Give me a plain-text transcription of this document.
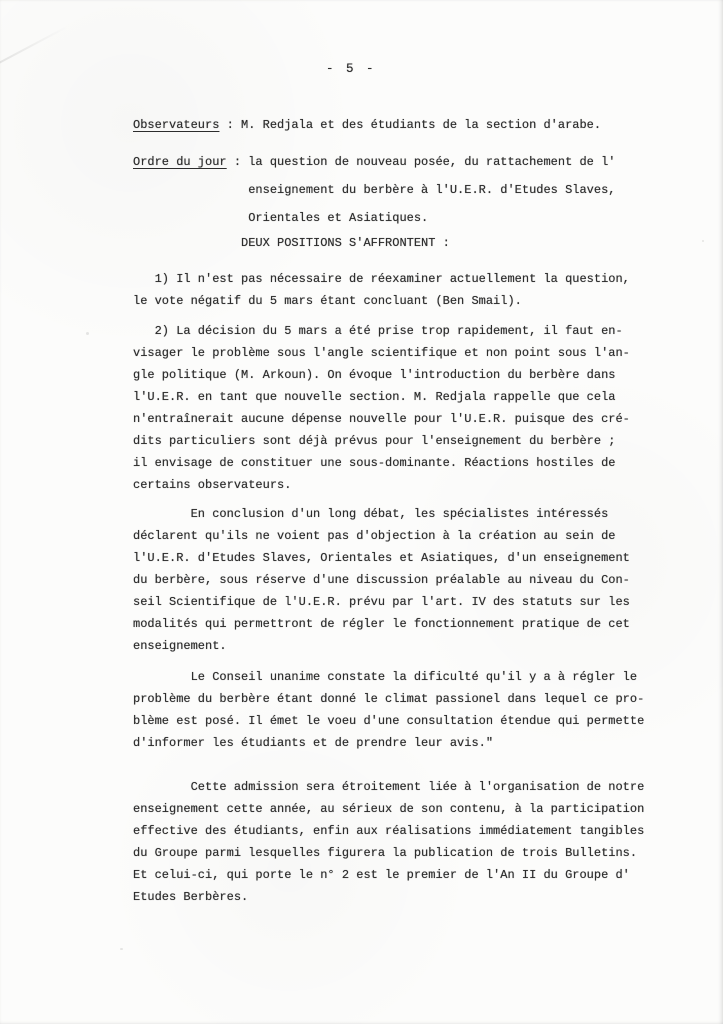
- 5 -
Observateurs : M. Redjala et des étudiants de la section d'arabe.
Ordre du jour : la question de nouveau posée, du rattachement de l'
enseignement du berbère à l'U.E.R. d'Etudes Slaves,
Orientales et Asiatiques.
DEUX POSITIONS S'AFFRONTENT :
1) Il n'est pas nécessaire de réexaminer actuellement la question,
le vote négatif du 5 mars étant concluant (Ben Smail).
2) La décision du 5 mars a été prise trop rapidement, il faut en-
visager le problème sous l'angle scientifique et non point sous l'an-
gle politique (M. Arkoun). On évoque l'introduction du berbère dans
l'U.E.R. en tant que nouvelle section. M. Redjala rappelle que cela
n'entraînerait aucune dépense nouvelle pour l'U.E.R. puisque des cré-
dits particuliers sont déjà prévus pour l'enseignement du berbère ;
il envisage de constituer une sous-dominante. Réactions hostiles de
certains observateurs.
En conclusion d'un long débat, les spécialistes intéressés
déclarent qu'ils ne voient pas d'objection à la création au sein de
l'U.E.R. d'Etudes Slaves, Orientales et Asiatiques, d'un enseignement
du berbère, sous réserve d'une discussion préalable au niveau du Con-
seil Scientifique de l'U.E.R. prévu par l'art. IV des statuts sur les
modalités qui permettront de régler le fonctionnement pratique de cet
enseignement.
Le Conseil unanime constate la dificulté qu'il y a à régler le
problème du berbère étant donné le climat passionel dans lequel ce pro-
blème est posé. Il émet le voeu d'une consultation étendue qui permette
d'informer les étudiants et de prendre leur avis."
Cette admission sera étroitement liée à l'organisation de notre
enseignement cette année, au sérieux de son contenu, à la participation
effective des étudiants, enfin aux réalisations immédiatement tangibles
du Groupe parmi lesquelles figurera la publication de trois Bulletins.
Et celui-ci, qui porte le n° 2 est le premier de l'An II du Groupe d'
Etudes Berbères.
